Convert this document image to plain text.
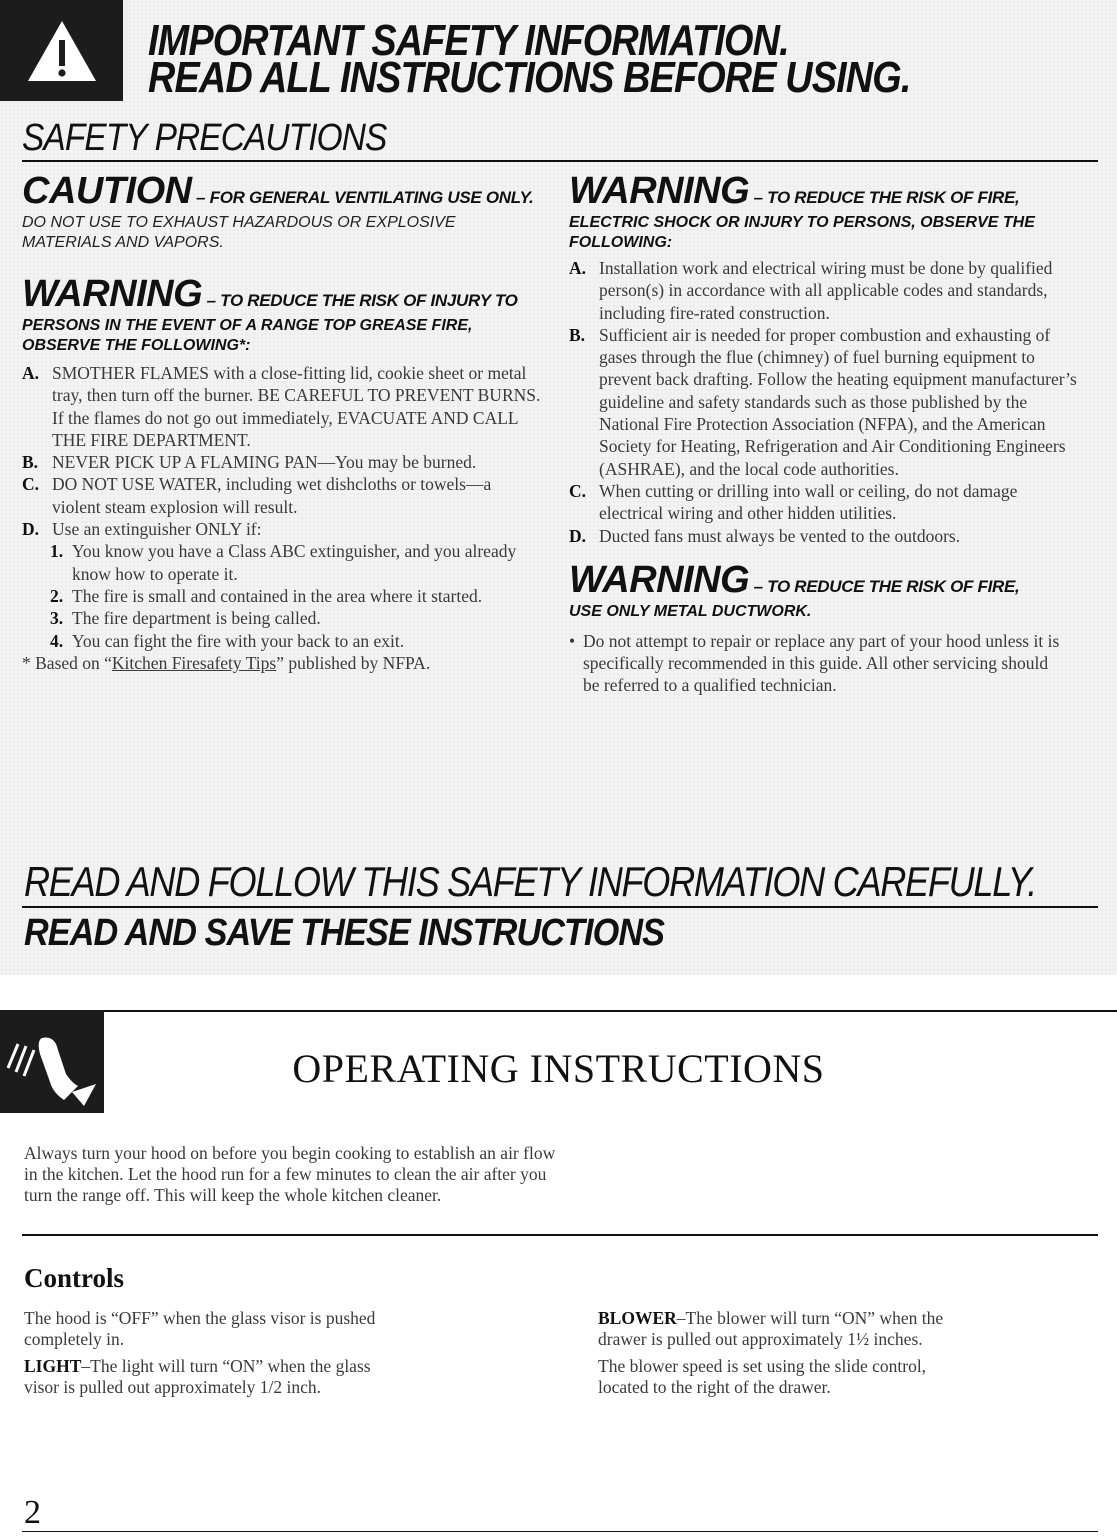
IMPORTANT SAFETY INFORMATION.
READ ALL INSTRUCTIONS BEFORE USING.
SAFETY PRECAUTIONS
CAUTION – FOR GENERAL VENTILATING USE ONLY.
DO NOT USE TO EXHAUST HAZARDOUS OR EXPLOSIVE
MATERIALS AND VAPORS.
WARNING – TO REDUCE THE RISK OF INJURY TO
PERSONS IN THE EVENT OF A RANGE TOP GREASE FIRE,
OBSERVE THE FOLLOWING*:
A. SMOTHER FLAMES with a close-fitting lid, cookie sheet or metal tray, then turn off the burner. BE CAREFUL TO PREVENT BURNS. If the flames do not go out immediately, EVACUATE AND CALL THE FIRE DEPARTMENT.
B. NEVER PICK UP A FLAMING PAN—You may be burned.
C. DO NOT USE WATER, including wet dishcloths or towels—a violent steam explosion will result.
D. Use an extinguisher ONLY if:
1. You know you have a Class ABC extinguisher, and you already know how to operate it.
2. The fire is small and contained in the area where it started.
3. The fire department is being called.
4. You can fight the fire with your back to an exit.
* Based on “Kitchen Firesafety Tips” published by NFPA.
WARNING – TO REDUCE THE RISK OF FIRE,
ELECTRIC SHOCK OR INJURY TO PERSONS, OBSERVE THE
FOLLOWING:
A. Installation work and electrical wiring must be done by qualified person(s) in accordance with all applicable codes and standards, including fire-rated construction.
B. Sufficient air is needed for proper combustion and exhausting of gases through the flue (chimney) of fuel burning equipment to prevent back drafting. Follow the heating equipment manufacturer’s guideline and safety standards such as those published by the National Fire Protection Association (NFPA), and the American Society for Heating, Refrigeration and Air Conditioning Engineers (ASHRAE), and the local code authorities.
C. When cutting or drilling into wall or ceiling, do not damage electrical wiring and other hidden utilities.
D. Ducted fans must always be vented to the outdoors.
WARNING – TO REDUCE THE RISK OF FIRE,
USE ONLY METAL DUCTWORK.
• Do not attempt to repair or replace any part of your hood unless it is specifically recommended in this guide. All other servicing should be referred to a qualified technician.
READ AND FOLLOW THIS SAFETY INFORMATION CAREFULLY.
READ AND SAVE THESE INSTRUCTIONS
OPERATING INSTRUCTIONS
Always turn your hood on before you begin cooking to establish an air flow
in the kitchen. Let the hood run for a few minutes to clean the air after you
turn the range off. This will keep the whole kitchen cleaner.
Controls
The hood is “OFF” when the glass visor is pushed
completely in.
LIGHT–The light will turn “ON” when the glass
visor is pulled out approximately 1/2 inch.
BLOWER–The blower will turn “ON” when the
drawer is pulled out approximately 1½ inches.
The blower speed is set using the slide control,
located to the right of the drawer.
2
